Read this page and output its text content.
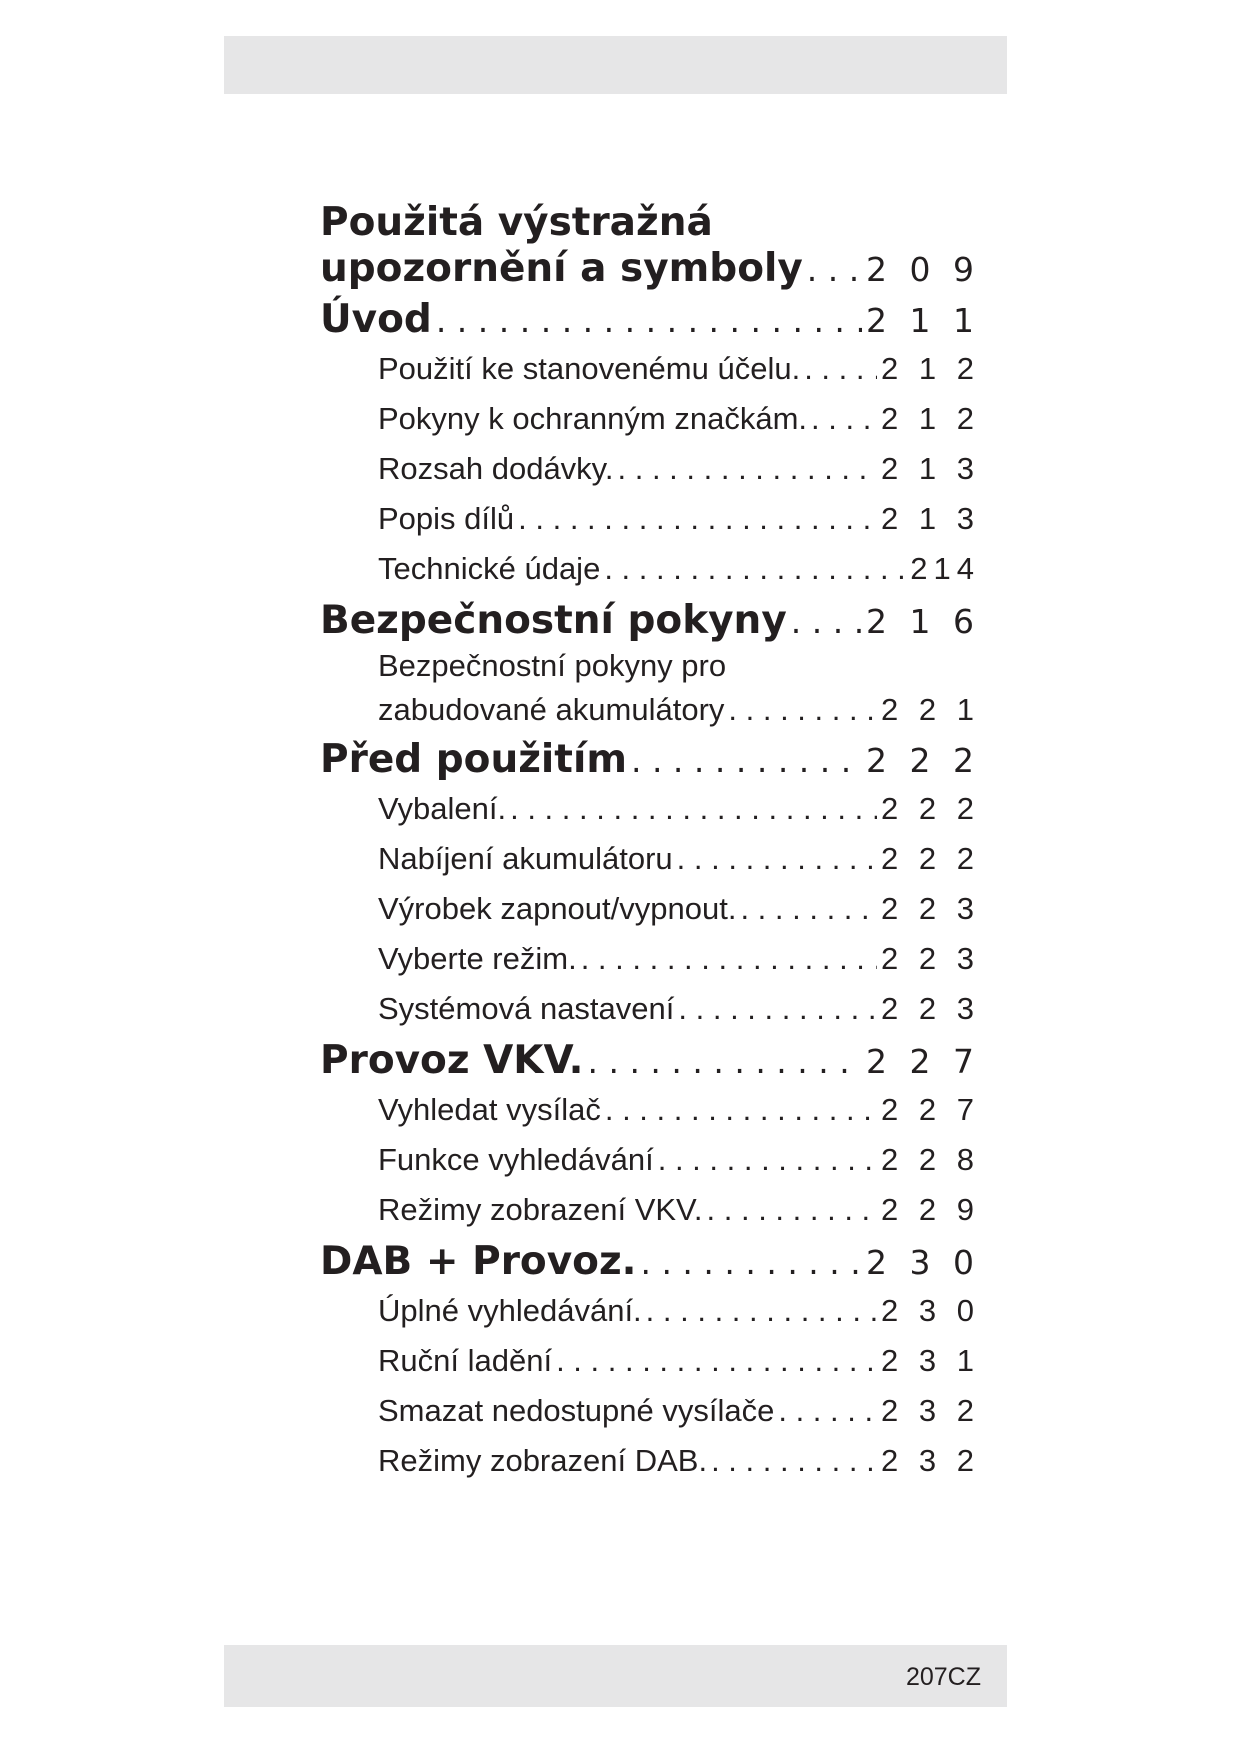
Použitá výstražná
upozornění a symboly . . . 2 0 9
Úvod . . .	2 1 1
Použití ke stanovenému účelu. . . .	2 1 2
Pokyny k ochranným značkám. . . . 2 1 2
Rozsah dodávky. . . .	2 1 3
Popis dílů . . .	2 1 3
Technické údaje . . .	214
Bezpečnostní pokyny . . . 2 1 6
Bezpečnostní pokyny pro
zabudované akumulátory . . .	2 2 1
Před použitím . . .	2 2 2
Vybalení. . . .	2 2 2
Nabíjení akumulátoru . . .	2 2 2
Výrobek zapnout/vypnout. . . .	2 2 3
Vyberte režim. . . .	2 2 3
Systémová nastavení . . .	2 2 3
Provoz VKV. . . .	2 2 7
Vyhledat vysílač . . .	2 2 7
Funkce vyhledávání . . .	2 2 8
Režimy zobrazení VKV. . . .	2 2 9
DAB + Provoz. . . .	2 3 0
Úplné vyhledávání. . . .	2 3 0
Ruční ladění . . .	2 3 1
Smazat nedostupné vysílače . . .	2 3 2
Režimy zobrazení DAB. . . .	2 3 2
207CZ
